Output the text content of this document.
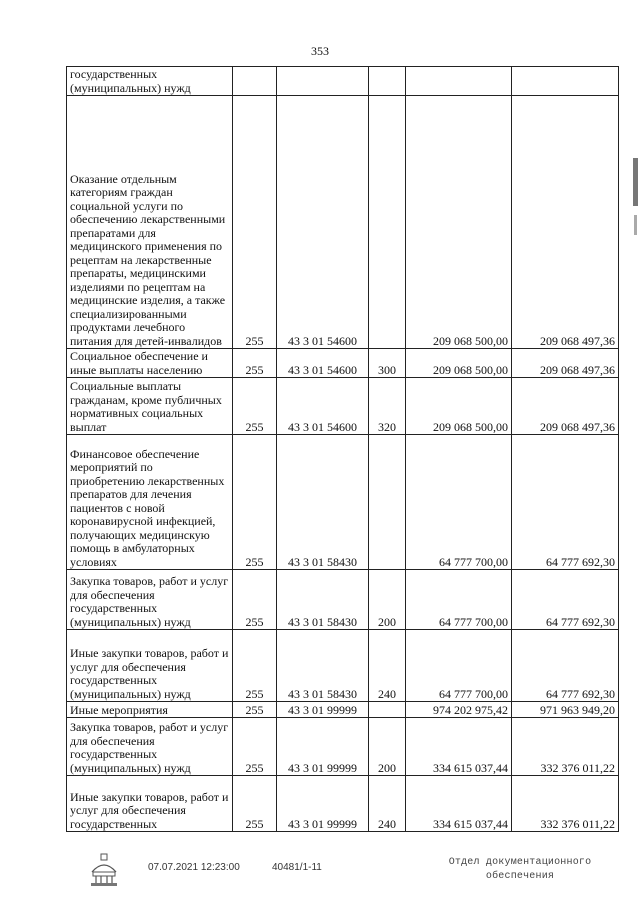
353
государственных
(муниципальных) нужд					
Оказание отдельным категориям граждан социальной услуги по обеспечению лекарственными препаратами для медицинского применения по рецептам на лекарственные препараты, медицинскими изделиями по рецептам на медицинские изделия, а также специализированными продуктами лечебного питания для детей-инвалидов	255	43 3 01 54600		209 068 500,00	209 068 497,36
Социальное обеспечение и иные выплаты населению	255	43 3 01 54600	300	209 068 500,00	209 068 497,36
Социальные выплаты гражданам, кроме публичных нормативных социальных выплат	255	43 3 01 54600	320	209 068 500,00	209 068 497,36
Финансовое обеспечение мероприятий по приобретению лекарственных препаратов для лечения пациентов с новой коронавирусной инфекцией, получающих медицинскую помощь в амбулаторных условиях	255	43 3 01 58430		64 777 700,00	64 777 692,30
Закупка товаров, работ и услуг для обеспечения государственных (муниципальных) нужд	255	43 3 01 58430	200	64 777 700,00	64 777 692,30
Иные закупки товаров, работ и услуг для обеспечения государственных (муниципальных) нужд	255	43 3 01 58430	240	64 777 700,00	64 777 692,30
Иные мероприятия	255	43 3 01 99999		974 202 975,42	971 963 949,20
Закупка товаров, работ и услуг для обеспечения государственных (муниципальных) нужд	255	43 3 01 99999	200	334 615 037,44	332 376 011,22
Иные закупки товаров, работ и услуг для обеспечения государственных	255	43 3 01 99999	240	334 615 037,44	332 376 011,22
07.07.2021 12:23:00	40481/1-11	Отдел документационного обеспечения
